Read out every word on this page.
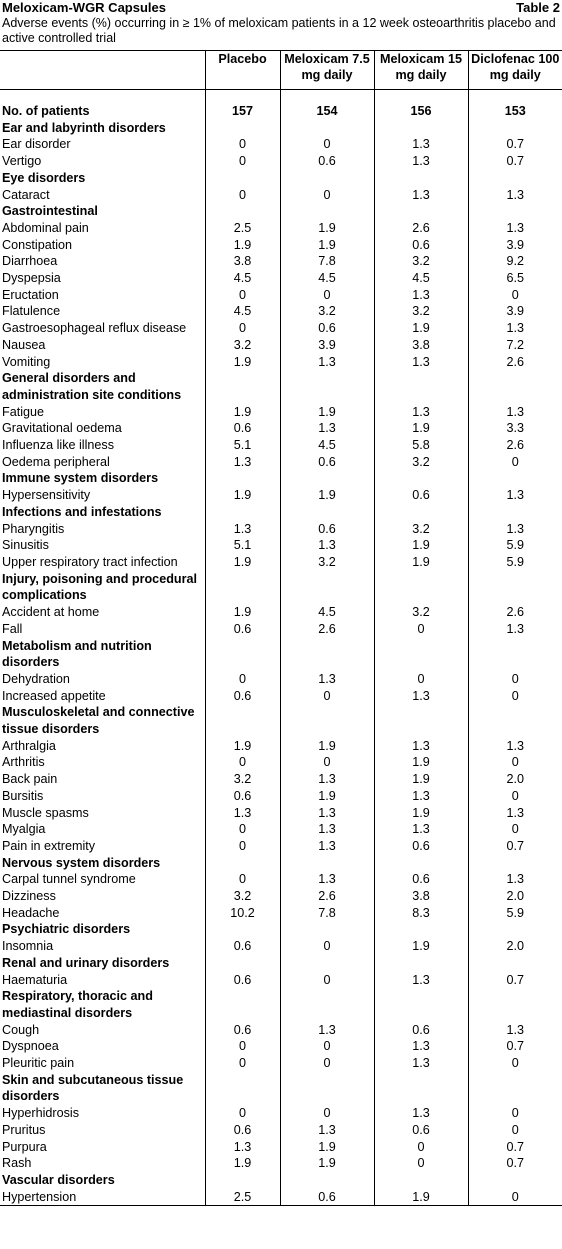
Meloxicam-WGR Capsules	Table 2
Adverse events (%) occurring in ≥ 1% of meloxicam patients in a 12 week osteoarthritis placebo and active controlled trial
	Placebo	Meloxicam 7.5 mg daily	Meloxicam 15 mg daily	Diclofenac 100 mg daily

No. of patients	157	154	156	153
Ear and labyrinth disorders				
Ear disorder	0	0	1.3	0.7
Vertigo	0	0.6	1.3	0.7
Eye disorders				
Cataract	0	0	1.3	1.3
Gastrointestinal				
Abdominal pain	2.5	1.9	2.6	1.3
Constipation	1.9	1.9	0.6	3.9
Diarrhoea	3.8	7.8	3.2	9.2
Dyspepsia	4.5	4.5	4.5	6.5
Eructation	0	0	1.3	0
Flatulence	4.5	3.2	3.2	3.9
Gastroesophageal reflux disease	0	0.6	1.9	1.3
Nausea	3.2	3.9	3.8	7.2
Vomiting	1.9	1.3	1.3	2.6
General disorders and administration site conditions				
Fatigue	1.9	1.9	1.3	1.3
Gravitational oedema	0.6	1.3	1.9	3.3
Influenza like illness	5.1	4.5	5.8	2.6
Oedema peripheral	1.3	0.6	3.2	0
Immune system disorders				
Hypersensitivity	1.9	1.9	0.6	1.3
Infections and infestations				
Pharyngitis	1.3	0.6	3.2	1.3
Sinusitis	5.1	1.3	1.9	5.9
Upper respiratory tract infection	1.9	3.2	1.9	5.9
Injury, poisoning and procedural complications				
Accident at home	1.9	4.5	3.2	2.6
Fall	0.6	2.6	0	1.3
Metabolism and nutrition disorders				
Dehydration	0	1.3	0	0
Increased appetite	0.6	0	1.3	0
Musculoskeletal and connective tissue disorders				
Arthralgia	1.9	1.9	1.3	1.3
Arthritis	0	0	1.9	0
Back pain	3.2	1.3	1.9	2.0
Bursitis	0.6	1.9	1.3	0
Muscle spasms	1.3	1.3	1.9	1.3
Myalgia	0	1.3	1.3	0
Pain in extremity	0	1.3	0.6	0.7
Nervous system disorders				
Carpal tunnel syndrome	0	1.3	0.6	1.3
Dizziness	3.2	2.6	3.8	2.0
Headache	10.2	7.8	8.3	5.9
Psychiatric disorders				
Insomnia	0.6	0	1.9	2.0
Renal and urinary disorders				
Haematuria	0.6	0	1.3	0.7
Respiratory, thoracic and mediastinal disorders				
Cough	0.6	1.3	0.6	1.3
Dyspnoea	0	0	1.3	0.7
Pleuritic pain	0	0	1.3	0
Skin and subcutaneous tissue disorders				
Hyperhidrosis	0	0	1.3	0
Pruritus	0.6	1.3	0.6	0
Purpura	1.3	1.9	0	0.7
Rash	1.9	1.9	0	0.7
Vascular disorders				
Hypertension	2.5	0.6	1.9	0
